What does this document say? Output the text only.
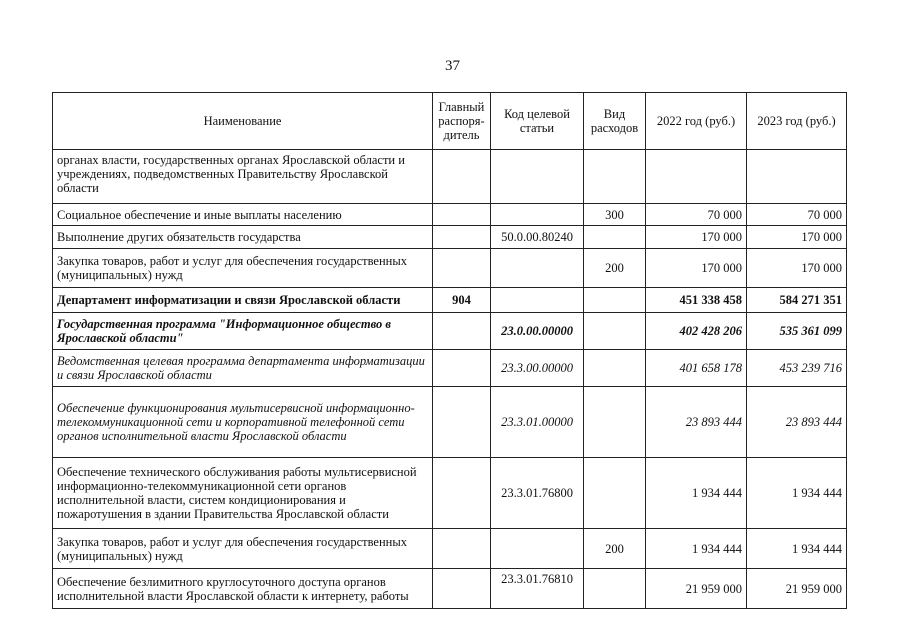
37
Наименование	Главный распоря-дитель	Код целевой статьи	Вид расходов	2022 год (руб.)	2023 год (руб.)
органах власти, государственных органах Ярославской области и учреждениях, подведомственных Правительству Ярославской области					
Социальное обеспечение и иные выплаты населению			300	70 000	70 000
Выполнение других обязательств государства		50.0.00.80240		170 000	170 000
Закупка товаров, работ и услуг для обеспечения государственных (муниципальных) нужд			200	170 000	170 000
Департамент информатизации и связи Ярославской области	904			451 338 458	584 271 351
Государственная программа "Информационное общество в Ярославской области"		23.0.00.00000		402 428 206	535 361 099
Ведомственная целевая программа департамента информатизации и связи Ярославской области		23.3.00.00000		401 658 178	453 239 716
Обеспечение функционирования мультисервисной информационно-телекоммуникационной сети и корпоративной телефонной сети органов исполнительной власти Ярославской области		23.3.01.00000		23 893 444	23 893 444
Обеспечение технического обслуживания работы мультисервисной информационно-телекоммуникационной сети органов исполнительной власти, систем кондиционирования и пожаротушения в здании Правительства Ярославской области		23.3.01.76800		1 934 444	1 934 444
Закупка товаров, работ и услуг для обеспечения государственных (муниципальных) нужд			200	1 934 444	1 934 444
Обеспечение безлимитного круглосуточного доступа органов исполнительной власти Ярославской области к интернету, работы		23.3.01.76810		21 959 000	21 959 000
